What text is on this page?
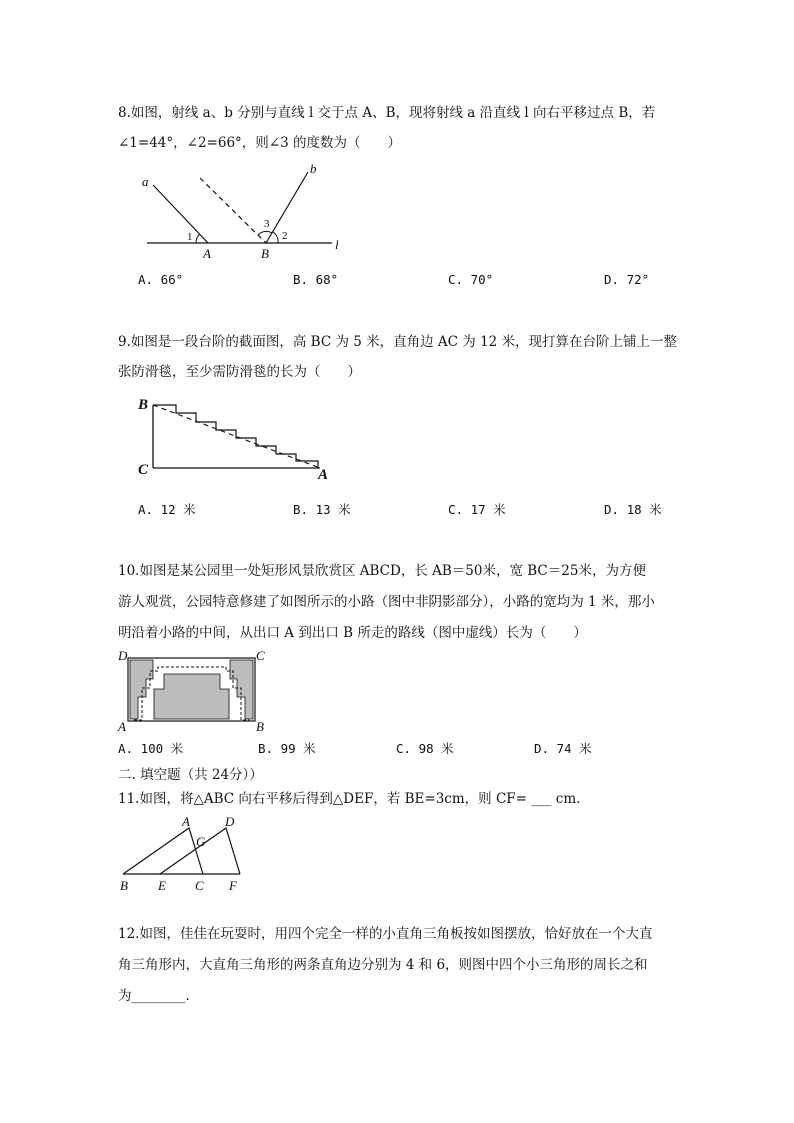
8.如图，射线 a、b 分别与直线 l 交于点 A、B，现将射线 a 沿直线 l 向右平移过点 B，若
∠1=44°，∠2=66°，则∠3 的度数为（　　）
a
b
1
3
2
A	B
l
A. 66°	B. 68°	C. 70°	D. 72°
9.如图是一段台阶的截面图，高 BC 为 5 米，直角边 AC 为 12 米，现打算在台阶上铺上一整
张防滑毯，至少需防滑毯的长为（　　）
B
C	A
A. 12 米	B. 13 米	C. 17 米	D. 18 米
10.如图是某公园里一处矩形风景欣赏区 ABCD，长 AB＝50米，宽 BC＝25米，为方便
游人观赏，公园特意修建了如图所示的小路（图中非阴影部分），小路的宽均为 1 米，那小
明沿着小路的中间，从出口 A 到出口 B 所走的路线（图中虚线）长为（　　）
D	C
A	B
A. 100 米	B. 99 米	C. 98 米	D. 74 米
二. 填空题（共 24分））
11.如图，将△ABC 向右平移后得到△DEF，若 BE=3cm，则 CF= ___ cm.
A	D
G
B E C F
12.如图，佳佳在玩耍时，用四个完全一样的小直角三角板按如图摆放，恰好放在一个大直
角三角形内，大直角三角形的两条直角边分别为 4 和 6，则图中四个小三角形的周长之和
为________.
